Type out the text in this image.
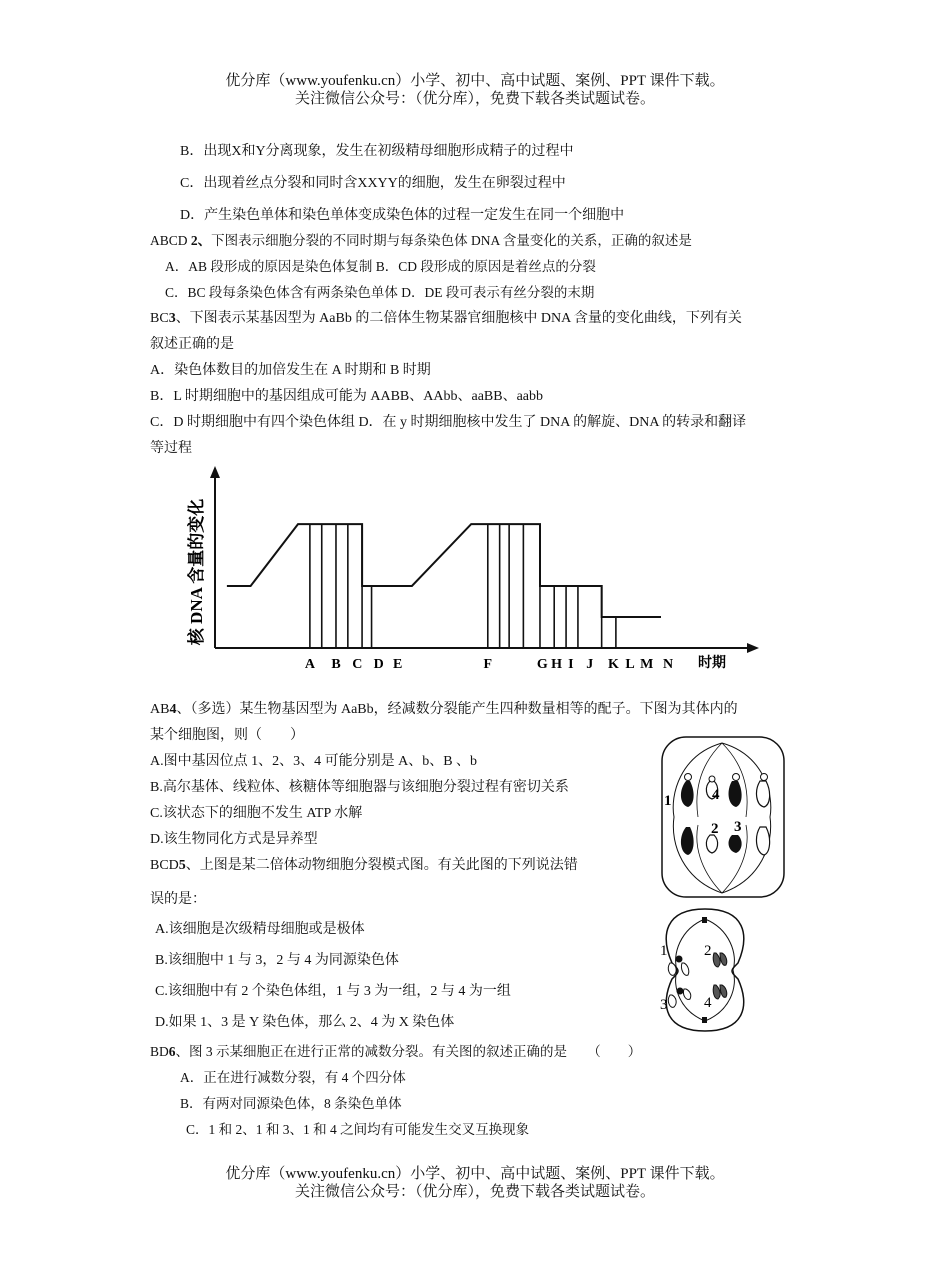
优分库（www.youfenku.cn）小学、初中、高中试题、案例、PPT 课件下载。
关注微信公众号：（优分库），免费下载各类试题试卷。
B．出现X和Y分离现象，发生在初级精母细胞形成精子的过程中
C．出现着丝点分裂和同时含XXYY的细胞，发生在卵裂过程中
D．产生染色单体和染色单体变成染色体的过程一定发生在同一个细胞中
ABCD 2、下图表示细胞分裂的不同时期与每条染色体 DNA 含量变化的关系，正确的叙述是
A．AB 段形成的原因是染色体复制 B．CD 段形成的原因是着丝点的分裂
C．BC 段每条染色体含有两条染色单体 D．DE 段可表示有丝分裂的末期
BC3、下图表示某基因型为 AaBb 的二倍体生物某器官细胞核中 DNA 含量的变化曲线，下列有关
叙述正确的是
A．染色体数目的加倍发生在 A 时期和 B 时期
B．L 时期细胞中的基因组成可能为 AABB、AAbb、aaBB、aabb
C．D 时期细胞中有四个染色体组 D．在 y 时期细胞核中发生了 DNA 的解旋、DNA 的转录和翻译
等过程
A B C D E	F	G H I J K L M N 时期
核 DNA 含量的变化
AB4、（多选）某生物基因型为 AaBb，经减数分裂能产生四种数量相等的配子。下图为其体内的
某个细胞图，则（　　）
A.图中基因位点 1、2、3、4 可能分别是 A、b、B 、b
B.高尔基体、线粒体、核糖体等细胞器与该细胞分裂过程有密切关系
C.该状态下的细胞不发生 ATP 水解
D.该生物同化方式是异养型
1	4
2 3
BCD5、上图是某二倍体动物细胞分裂模式图。有关此图的下列说法错
误的是：
A.该细胞是次级精母细胞或是极体
B.该细胞中 1 与 3，2 与 4 为同源染色体
C.该细胞中有 2 个染色体组，1 与 3 为一组，2 与 4 为一组
D.如果 1、3 是 Y 染色体，那么 2、4 为 X 染色体
1 2
3 4
BD6、图 3 示某细胞正在进行正常的减数分裂。有关图的叙述正确的是　　（　　）
A．正在进行减数分裂，有 4 个四分体
B．有两对同源染色体，8 条染色单体
C．1 和 2、1 和 3、1 和 4 之间均有可能发生交叉互换现象
优分库（www.youfenku.cn）小学、初中、高中试题、案例、PPT 课件下载。
关注微信公众号：（优分库），免费下载各类试题试卷。
